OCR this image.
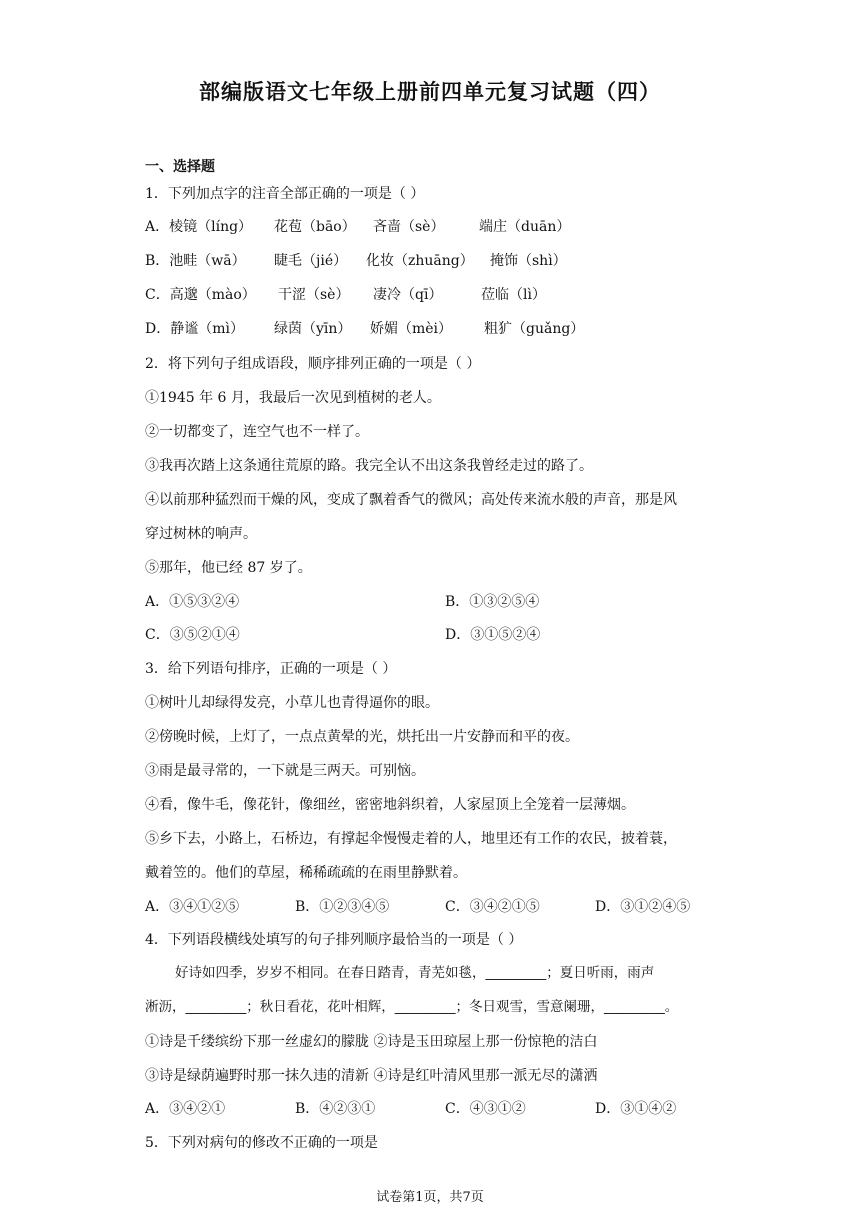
部编版语文七年级上册前四单元复习试题（四）
一、选择题
1．下列加点字的注音全部正确的一项是（ ）
A．棱镜（líng） 花苞（bāo） 吝啬（sè） 端庄（duān）
B．池畦（wā） 睫毛（jié） 化妆（zhuāng） 掩饰（shì）
C．高邈（mào） 干涩（sè） 凄冷（qī）	莅临（lì）
D．静谧（mì） 绿茵（yīn） 娇媚（mèi） 粗犷（guǎng）
2．将下列句子组成语段，顺序排列正确的一项是（ ）
①1945 年 6 月，我最后一次见到植树的老人。
②一切都变了，连空气也不一样了。
③我再次踏上这条通往荒原的路。我完全认不出这条我曾经走过的路了。
④以前那种猛烈而干燥的风，变成了飘着香气的微风；高处传来流水般的声音，那是风
穿过树林的响声。
⑤那年，他已经 87 岁了。
A．①⑤③②④	B．①③②⑤④
C．③⑤②①④	D．③①⑤②④
3．给下列语句排序，正确的一项是（ ）
①树叶儿却绿得发亮，小草儿也青得逼你的眼。
②傍晚时候，上灯了，一点点黄晕的光，烘托出一片安静而和平的夜。
③雨是最寻常的，一下就是三两天。可别恼。
④看，像牛毛，像花针，像细丝，密密地斜织着，人家屋顶上全笼着一层薄烟。
⑤乡下去，小路上，石桥边，有撑起伞慢慢走着的人，地里还有工作的农民，披着蓑，
戴着笠的。他们的草屋，稀稀疏疏的在雨里静默着。
A．③④①②⑤	B．①②③④⑤	C．③④②①⑤	D．③①②④⑤
4．下列语段横线处填写的句子排列顺序最恰当的一项是（ ）
好诗如四季，岁岁不相同。在春日踏青，青芜如毯，_________；夏日听雨，雨声
淅沥，_________；秋日看花，花叶相辉，_________；冬日观雪，雪意阑珊，_________。
①诗是千缕缤纷下那一丝虚幻的朦胧 ②诗是玉田琼屋上那一份惊艳的洁白
③诗是绿荫遍野时那一抹久违的清新 ④诗是红叶清风里那一派无尽的潇洒
A．③④②①	B．④②③①	C．④③①②	D．③①④②
5．下列对病句的修改不正确的一项是
试卷第1页，共7页
